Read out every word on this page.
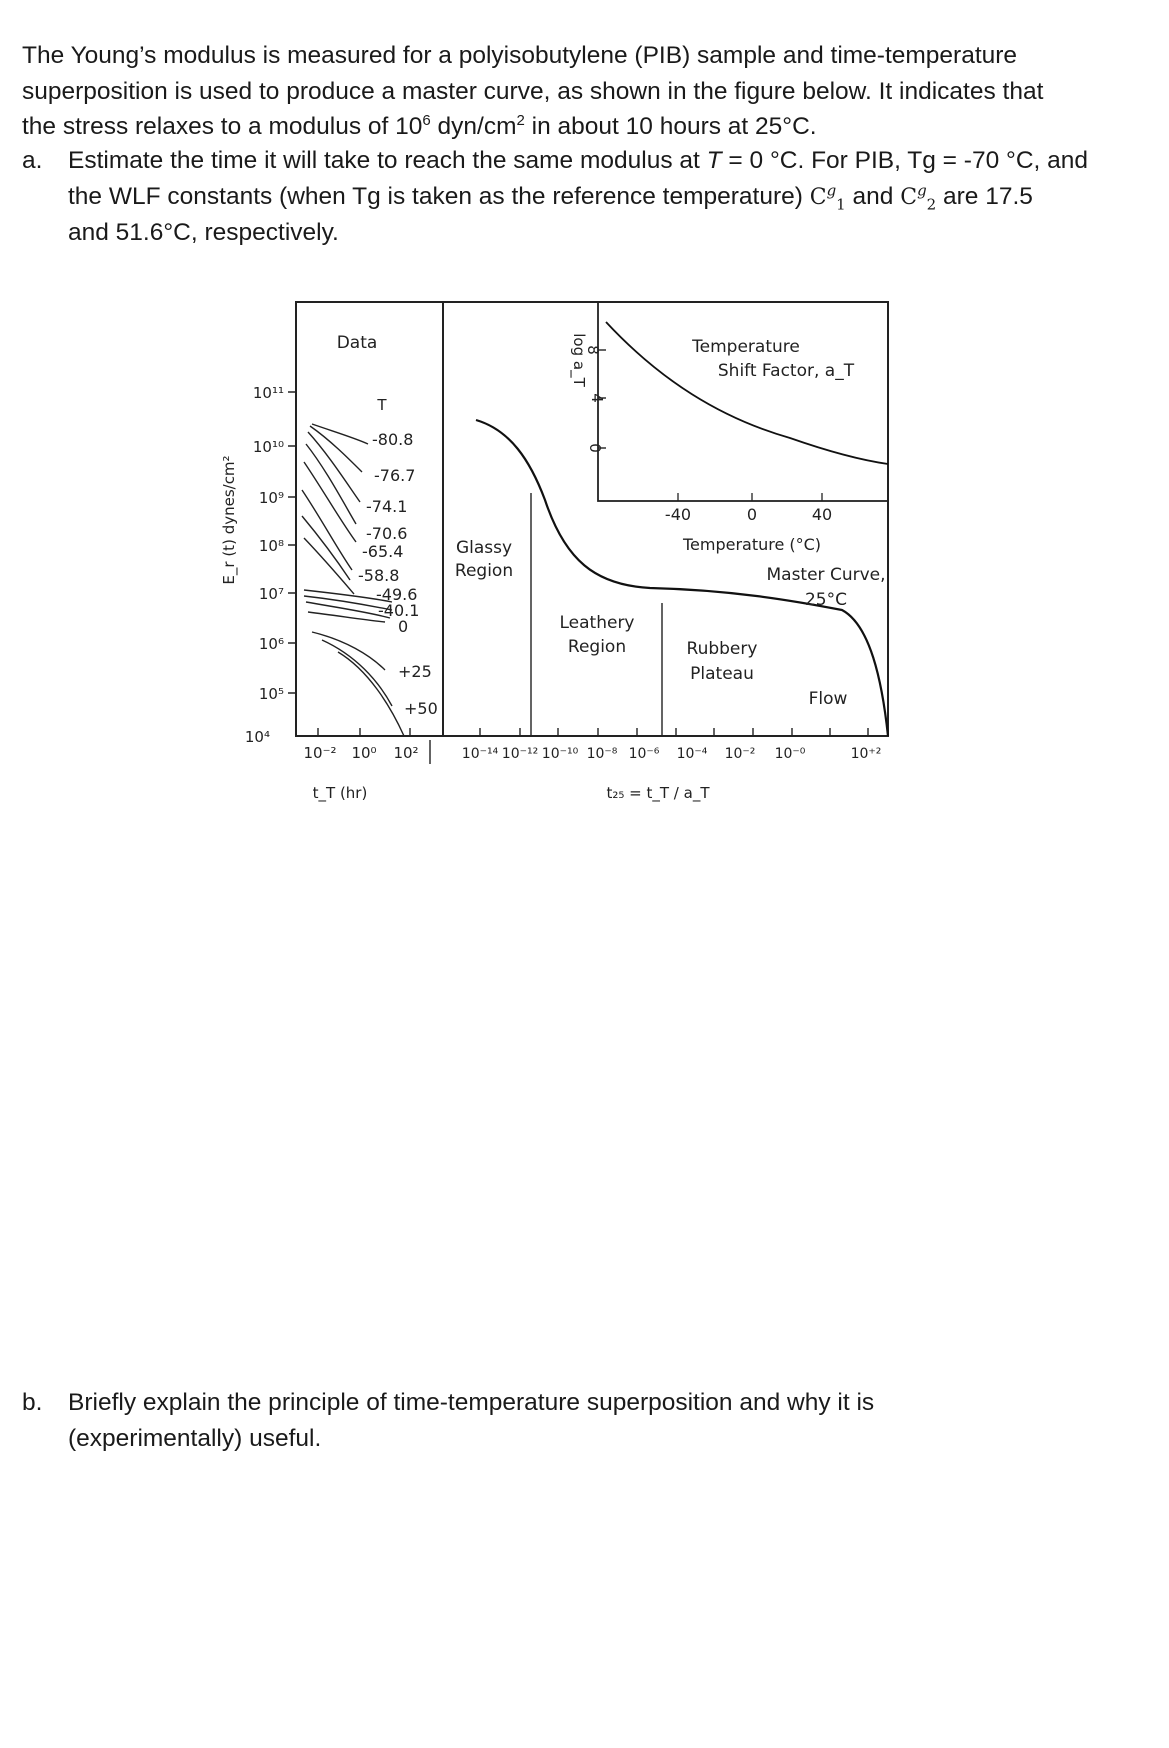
The Young’s modulus is measured for a polyisobutylene (PIB) sample and time-temperature
superposition is used to produce a master curve, as shown in the figure below. It indicates that
the stress relaxes to a modulus of $10^6$ dyn/$cm^2$ in about 10 hours at 25°C.
a. Estimate the time it will take to reach the same modulus at T = 0 °C. For PIB, Tg = -70 °C, and
the WLF constants (when Tg is taken as the reference temperature) $C^g_1$ and $C^g_2$ are 17.5
and 51.6°C, respectively.
b. Briefly explain the principle of time-temperature superposition and why it is
(experimentally) useful.
E_r (t) dynes/cm²
10¹¹
10¹⁰
10⁹
10⁸
10⁷
10⁶
10⁵
10⁴
Data
T
-80.8
-76.7
-74.1
-70.6
-65.4
-58.8
-49.6
-40.1
0
+25
+50
10⁻² 10⁰ 10²
t_T (hr)
Glassy
Region
Leathery
Region	Rubbery
Plateau
Flow
Master Curve,
25°C
10⁻¹⁴ 10⁻¹² 10⁻¹⁰ 10⁻⁸ 10⁻⁶ 10⁻⁴ 10⁻² 10⁻⁰	10⁺²
t₂₅ = t_T / a_T
Temperature
Shift Factor, a_T
log a_T
8
4
0
-40	0	40
Temperature (°C)
